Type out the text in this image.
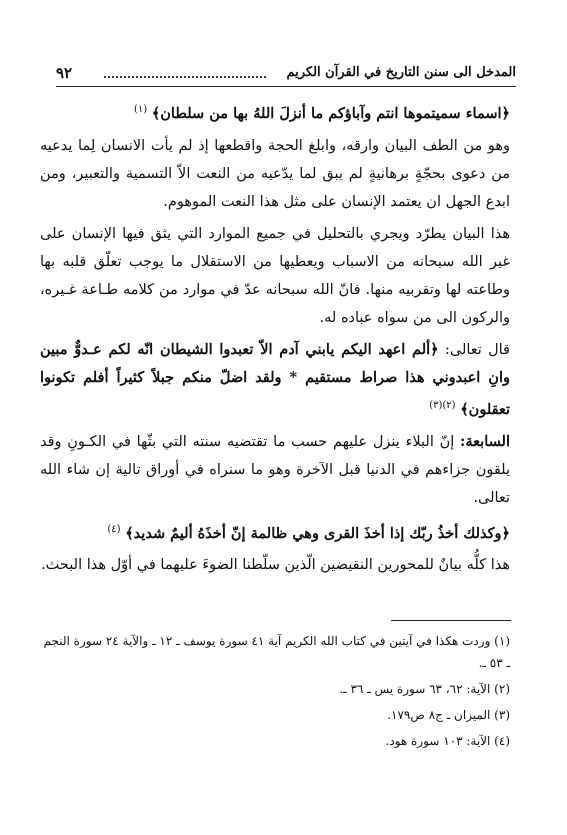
٩٢	المدخل الى سنن التاريخ في القرآن الكريم

﴿اسماء سميتموها انتم وآباؤكم ما أنزلَ اللهُ بها من سلطان﴾ $^{(١)}$

وهو من الطف البيان وارقه، وابلغ الحجة واقطعها إذ لم يأت الانسان لِما يدعيه من دعوى بحجّةٍ برهانيةٍ لم يبق لما يدّعيه من النعت الاّ التسمية والتعبير، ومن ابدع الجهل ان يعتمد الإنسان على مثل هذا النعت الموهوم.

هذا البيان يطرّد ويجري بالتحليل في جميع الموارد التي يثق فيها الإنسان على غير الله سبحانه من الاسباب ويعطيها من الاستقلال ما يوجب تعلّق قلبه بها وطاعته لها وتقربيه منها. فانّ الله سبحانه عدّ في موارد من كلامه طـاعة غـيره، والركون الى من سواه عباده له.

قال تعالى: ﴿ألم اعهد اليكم يابني آدم الاّ تعبدوا الشيطان انّه لكم عـدوٌّ مبين وانِ اعبدوني هذا صراط مستقيم * ولقد اضلّ منكم جبلاً كثيراً أفلم تكونوا تعقلون﴾ $^{(٢)(٣)}$

السابعة: إنّ البلاء ينزل عليهم حسب ما تقتضيه سنته التي بثّها في الكـونِ وقد يلقون جزاءهم في الدنيا قبل الآخرة وهو ما سنراه في أوراق تالية إن شاء الله تعالى.

﴿وكذلك أخذُ ربّك إذا أخذَ القرى وهي ظالمة إنّ أخذَهُ أليمٌ شديد﴾ $^{(٤)}$

هذا كلُّه بيانٌ للمحورين النقيضين الّذين سلّطنا الضوءَ عليهما في أوّل هذا البحث.

(١) وردت هكذا في آيتين في كتاب الله الكريم آية ٤١ سورة يوسف ـ ١٢ ـ والآية ٢٤ سورة النجم ـ ٥٣ ـ.
(٢) الآية: ٦٢، ٦٣ سورة يس ـ ٣٦ ـ.
(٣) الميزان ـ ج٨ ص١٧٩.
(٤) الآية: ١٠٣ سورة هود.
